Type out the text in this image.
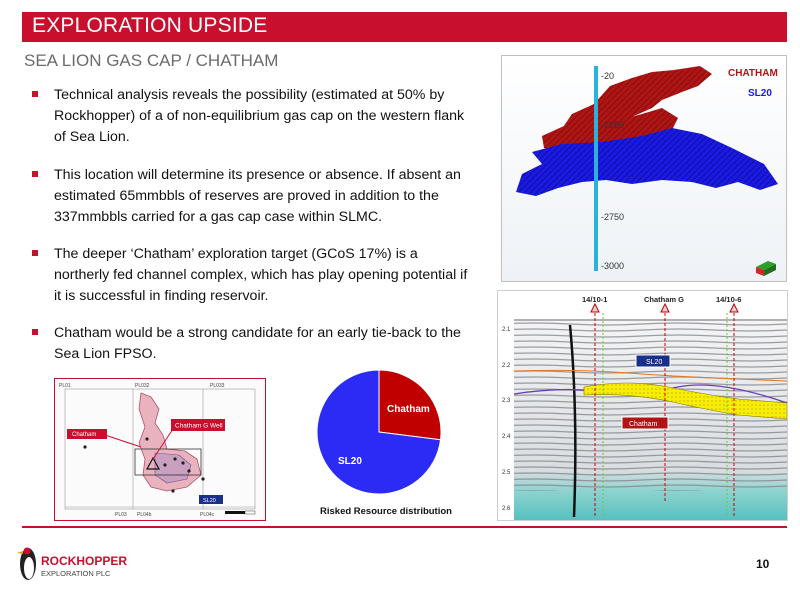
EXPLORATION UPSIDE
SEA LION GAS CAP / CHATHAM
Technical analysis reveals the possibility (estimated at 50% by Rockhopper) of a of non-equilibrium gas cap on the western flank of Sea Lion.
This location will determine its presence or absence. If absent an estimated 65mmbbls of reserves are proved in addition to the 337mmbbls carried for a gas cap case within SLMC.
The deeper ‘Chatham’ exploration target (GCoS 17%) is a northerly fed channel complex, which has play opening potential if it is successful in finding reservoir.
Chatham would be a strong candidate for an early tie-back to the Sea Lion FPSO.
-20
-2250
-2750
-3000
CHATHAM
SL20
14/10-1	Chatham G	14/10-6
2.1
2.2
2.3
2.4
2.5
2.6
SL20
Chatham
PL01	PL032	PL033
PL03 PL04b	PL04c
Chatham
Chatham G Well
SL20
Chatham
SL20
Risked Resource distribution
ROCKHOPPER
EXPLORATION PLC
10
